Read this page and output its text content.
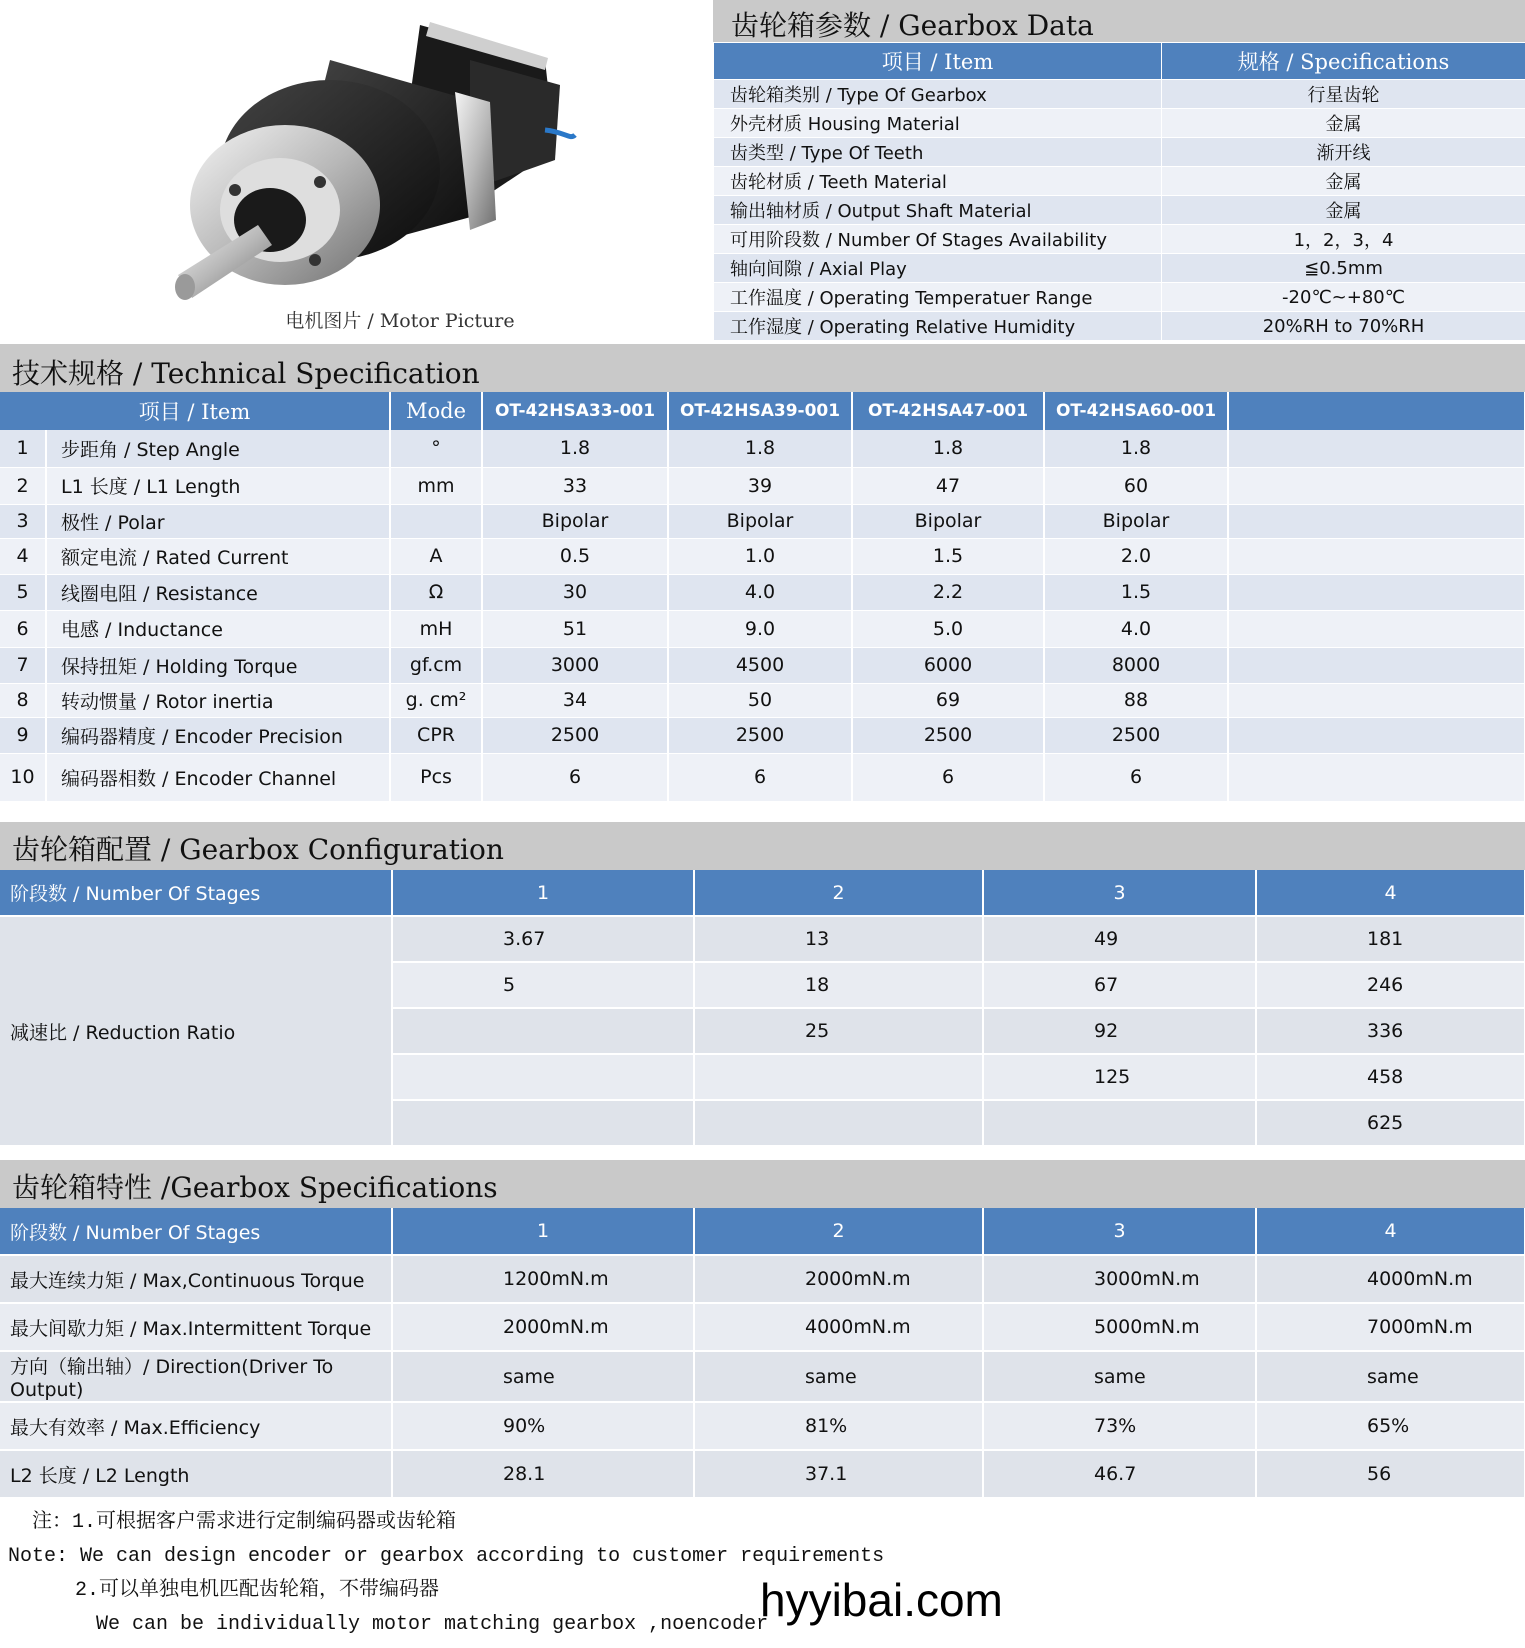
电机图片 / Motor Picture
齿轮箱参数 / Gearbox Data
项目 / Item	规格 / Specifications
齿轮箱类别 / Type Of Gearbox	行星齿轮
外壳材质 Housing Material	金属
齿类型 / Type Of Teeth	渐开线
齿轮材质 / Teeth Material	金属
输出轴材质 / Output Shaft Material	金属
可用阶段数 / Number Of Stages Availability	1，2，3，4
轴向间隙 / Axial Play	≦0.5mm
工作温度 / Operating Temperatuer Range	-20℃~+80℃
工作湿度 / Operating Relative Humidity	20%RH to 70%RH
技术规格 / Technical Specification
项目 / Item		Mode	OT-42HSA33-001	OT-42HSA39-001	OT-42HSA47-001	OT-42HSA60-001	
1	步距角 / Step Angle	°	1.8	1.8	1.8	1.8	
2	L1 长度 / L1 Length	mm	33	39	47	60	
3	极性 / Polar		Bipolar	Bipolar	Bipolar	Bipolar	
4	额定电流 / Rated Current	A	0.5	1.0	1.5	2.0	
5	线圈电阻 / Resistance	Ω	30	4.0	2.2	1.5	
6	电感 / Inductance	mH	51	9.0	5.0	4.0	
7	保持扭矩 / Holding Torque	gf.cm	3000	4500	6000	8000	
8	转动惯量 / Rotor inertia	g. cm²	34	50	69	88	
9	编码器精度 / Encoder Precision	CPR	2500	2500	2500	2500	
10	编码器相数 / Encoder Channel	Pcs	6	6	6	6	
齿轮箱配置 / Gearbox Configuration
阶段数 / Number Of Stages	1	2	3	4
减速比 / Reduction Ratio	3.67	13	49	181
	5	18	67	246
		25	92	336
			125	458
				625
齿轮箱特性 /Gearbox Specifications
阶段数 / Number Of Stages	1	2	3	4
最大连续力矩 / Max,Continuous Torque	1200mN.m	2000mN.m	3000mN.m	4000mN.m
最大间歇力矩 / Max.Intermittent Torque	2000mN.m	4000mN.m	5000mN.m	7000mN.m
方向（输出轴）/ Direction(Driver To Output)	same	same	same	same
最大有效率 / Max.Efficiency	90%	81%	73%	65%
L2 长度 / L2 Length	28.1	37.1	46.7	56
注：1.可根据客户需求进行定制编码器或齿轮箱
Note: We can design encoder or gearbox according to customer requirements
2.可以单独电机匹配齿轮箱，不带编码器
We can be individually motor matching gearbox ,noencoder
hyyibai.com
